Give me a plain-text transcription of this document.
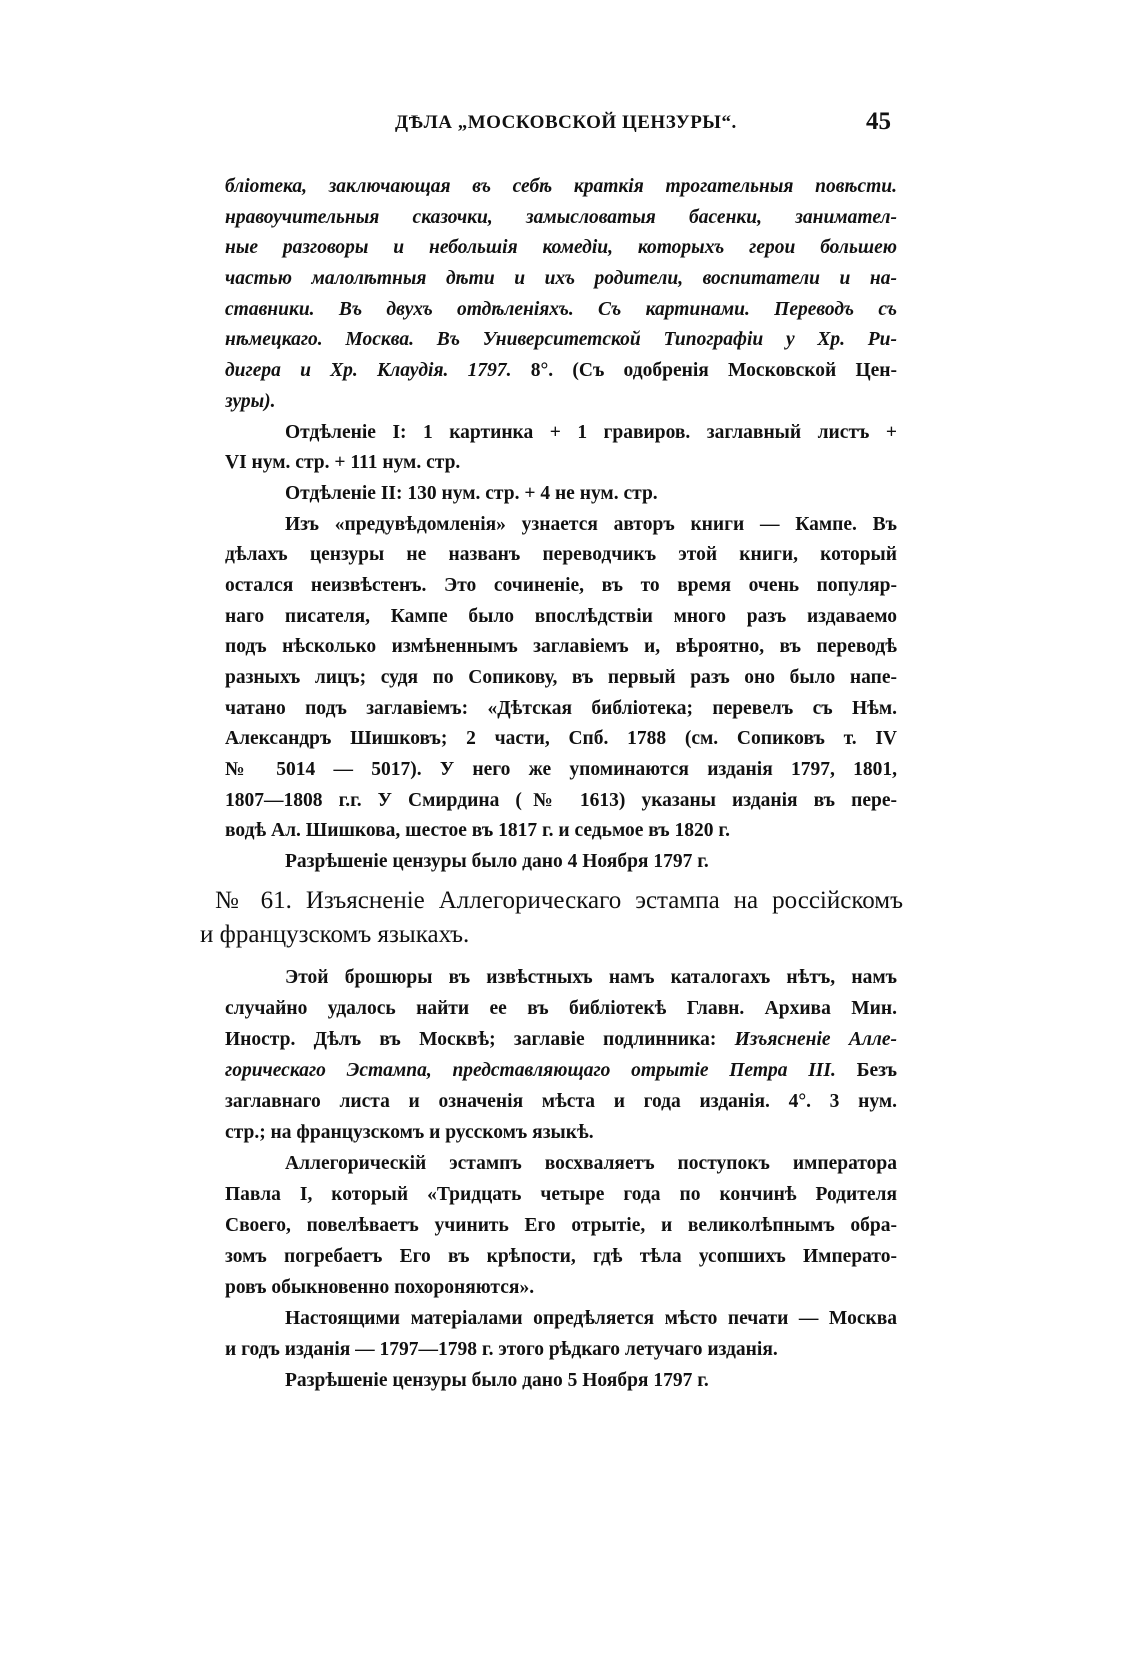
ДѢЛА „МОСКОВСКОЙ ЦЕНЗУРЫ“.	45
бліотека, заключающая въ себѣ краткія трогательныя повѣсти.
нравоучительныя сказочки, замысловатыя басенки, занимател-
ные разговоры и небольшія комедіи, которыхъ герои большею
частью малолѣтныя дѣти и ихъ родители, воспитатели и на-
ставники. Въ двухъ отдѣленіяхъ. Съ картинами. Переводъ съ
нѣмецкаго. Москва. Въ Университетской Типографіи у Хр. Ри-
дигера и Хр. Клаудія. 1797. 8°. (Съ одобренія Московской Цен-
зуры).
Отдѣленіе I: 1 картинка + 1 гравиров. заглавный листъ +
VI нум. стр. + 111 нум. стр.
Отдѣленіе II: 130 нум. стр. + 4 не нум. стр.
Изъ «предувѣдомленія» узнается авторъ книги — Кампе. Въ
дѣлахъ цензуры не названъ переводчикъ этой книги, который
остался неизвѣстенъ. Это сочиненіе, въ то время очень популяр-
наго писателя, Кампе было впослѣдствіи много разъ издаваемо
подъ нѣсколько измѣненнымъ заглавіемъ и, вѣроятно, въ переводѣ
разныхъ лицъ; судя по Сопикову, въ первый разъ оно было напе-
чатано подъ заглавіемъ: «Дѣтская библіотека; перевелъ съ Нѣм.
Александръ Шишковъ; 2 части, Спб. 1788 (см. Сопиковъ т. IV
№ 5014 — 5017). У него же упоминаются изданія 1797, 1801,
1807—1808 г.г. У Смирдина (№ 1613) указаны изданія въ пере-
водѣ Ал. Шишкова, шестое въ 1817 г. и седьмое въ 1820 г.
Разрѣшеніе цензуры было дано 4 Ноября 1797 г.
№ 61. Изъясненіе Аллегорическаго эстампа на россійскомъ
и французскомъ языкахъ.
Этой брошюры въ извѣстныхъ намъ каталогахъ нѣтъ, намъ
случайно удалось найти ее въ библіотекѣ Главн. Архива Мин.
Иностр. Дѣлъ въ Москвѣ; заглавіе подлинника: Изъясненіе Алле-
горическаго Эстампа, представляющаго отрытіе Петра III. Безъ
заглавнаго листа и означенія мѣста и года изданія. 4°. 3 нум.
стр.; на французскомъ и русскомъ языкѣ.
Аллегорическій эстампъ восхваляетъ поступокъ императора
Павла I, который «Тридцать четыре года по кончинѣ Родителя
Своего, повелѣваетъ учинить Его отрытіе, и великолѣпнымъ обра-
зомъ погребаетъ Его въ крѣпости, гдѣ тѣла усопшихъ Императо-
ровъ обыкновенно похороняются».
Настоящими матеріалами опредѣляется мѣсто печати — Москва
и годъ изданія — 1797—1798 г. этого рѣдкаго летучаго изданія.
Разрѣшеніе цензуры было дано 5 Ноября 1797 г.
